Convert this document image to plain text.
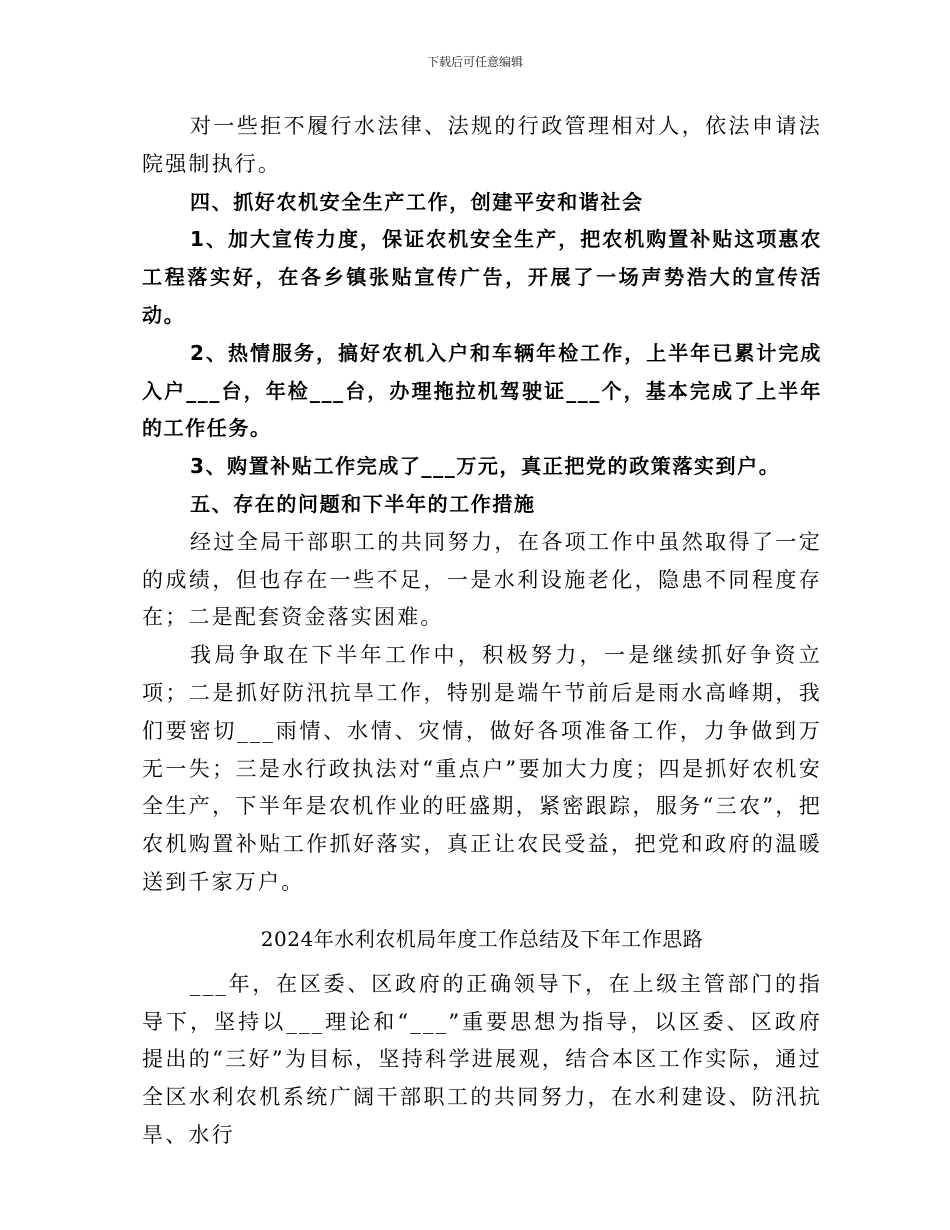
下载后可任意编辑

对一些拒不履行水法律、法规的行政管理相对人，依法申请法院强制执行。

四、抓好农机安全生产工作，创建平安和谐社会

1、加大宣传力度，保证农机安全生产，把农机购置补贴这项惠农工程落实好，在各乡镇张贴宣传广告，开展了一场声势浩大的宣传活动。

2、热情服务，搞好农机入户和车辆年检工作，上半年已累计完成入户___台，年检___台，办理拖拉机驾驶证___个，基本完成了上半年的工作任务。

3、购置补贴工作完成了___万元，真正把党的政策落实到户。

五、存在的问题和下半年的工作措施

经过全局干部职工的共同努力，在各项工作中虽然取得了一定的成绩，但也存在一些不足，一是水利设施老化，隐患不同程度存在；二是配套资金落实困难。

我局争取在下半年工作中，积极努力，一是继续抓好争资立项；二是抓好防汛抗旱工作，特别是端午节前后是雨水高峰期，我们要密切___雨情、水情、灾情，做好各项准备工作，力争做到万无一失；三是水行政执法对“重点户”要加大力度；四是抓好农机安全生产，下半年是农机作业的旺盛期，紧密跟踪，服务“三农”，把农机购置补贴工作抓好落实，真正让农民受益，把党和政府的温暖送到千家万户。

2024年水利农机局年度工作总结及下年工作思路

___年，在区委、区政府的正确领导下，在上级主管部门的指导下，坚持以___理论和“___”重要思想为指导，以区委、区政府提出的“三好”为目标，坚持科学进展观，结合本区工作实际，通过全区水利农机系统广阔干部职工的共同努力，在水利建设、防汛抗旱、水行
